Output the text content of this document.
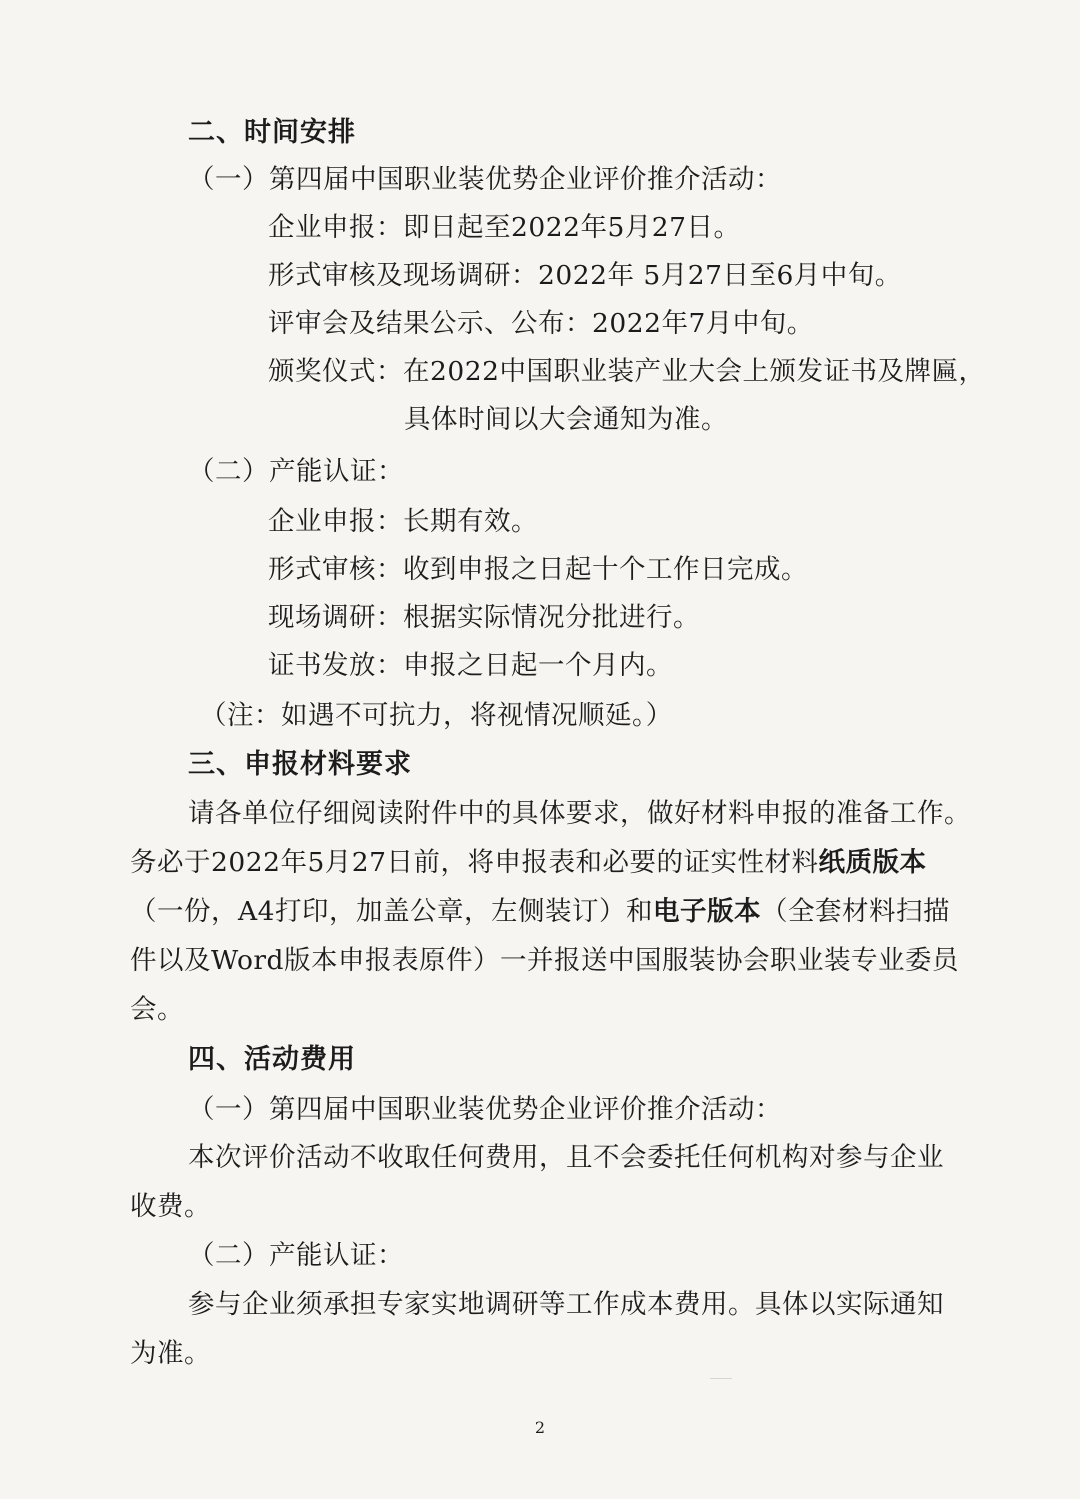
二、时间安排

（一）第四届中国职业装优势企业评价推介活动：

企业申报：即日起至2022年5月27日。

形式审核及现场调研：2022年 5月27日至6月中旬。

评审会及结果公示、公布：2022年7月中旬。

颁奖仪式：在2022中国职业装产业大会上颁发证书及牌匾，

具体时间以大会通知为准。

（二）产能认证：

企业申报：长期有效。

形式审核：收到申报之日起十个工作日完成。

现场调研：根据实际情况分批进行。

证书发放：申报之日起一个月内。

（注：如遇不可抗力，将视情况顺延。）

三、申报材料要求

请各单位仔细阅读附件中的具体要求，做好材料申报的准备工作。

务必于2022年5月27日前，将申报表和必要的证实性材料纸质版本

（一份，A4打印，加盖公章，左侧装订）和电子版本（全套材料扫描

件以及Word版本申报表原件）一并报送中国服装协会职业装专业委员

会。

四、活动费用

（一）第四届中国职业装优势企业评价推介活动：

本次评价活动不收取任何费用，且不会委托任何机构对参与企业

收费。

（二）产能认证：

参与企业须承担专家实地调研等工作成本费用。具体以实际通知

为准。

2
